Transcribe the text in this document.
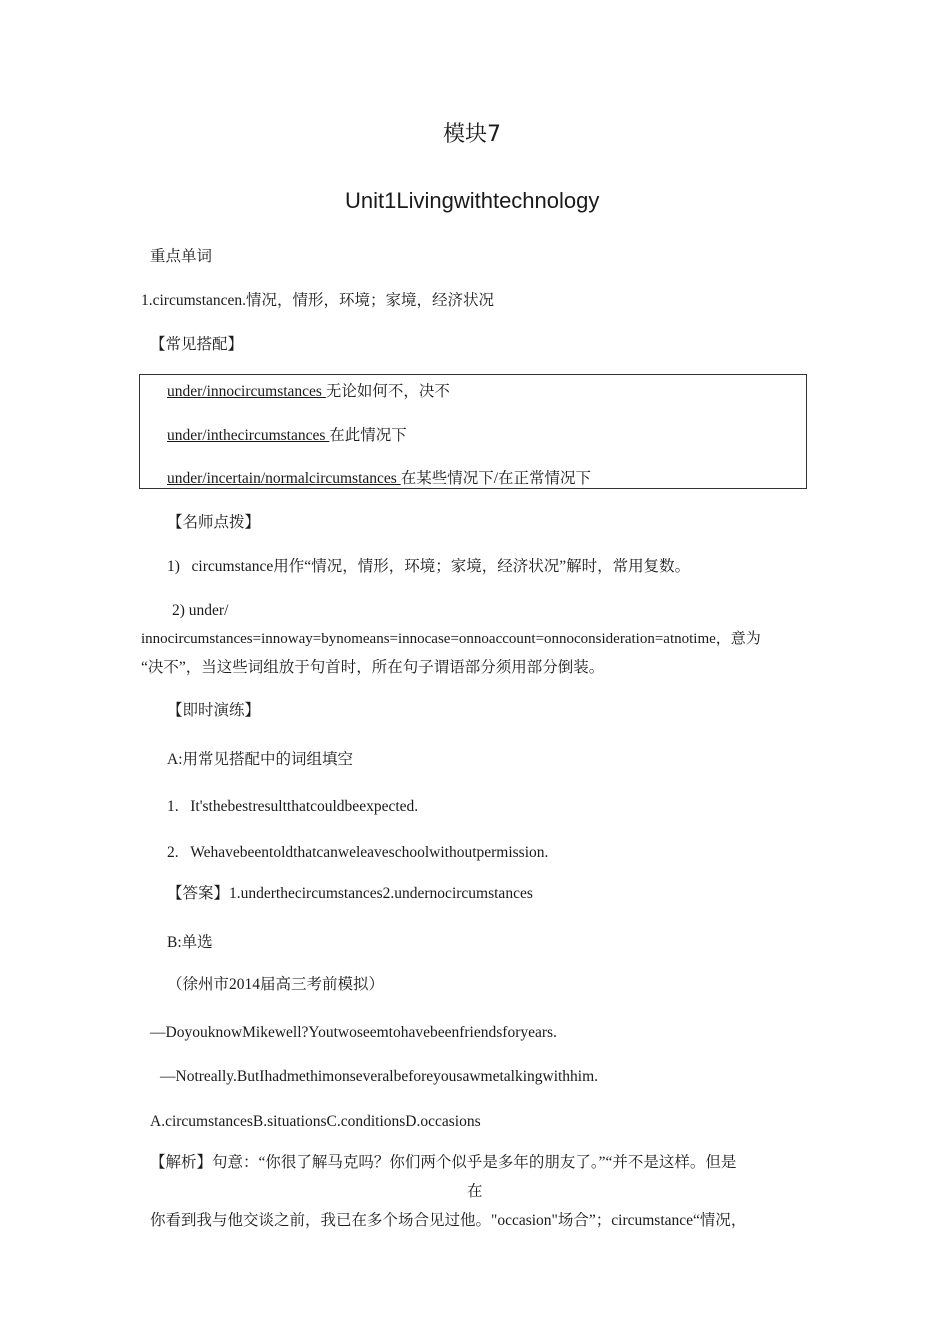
模块7
Unit1Livingwithtechnology
重点单词
1.circumstancen.情况，情形，环境；家境，经济状况
【常见搭配】
under/innocircumstances 无论如何不，决不
under/inthecircumstances 在此情况下
under/incertain/normalcircumstances 在某些情况下/在正常情况下
【名师点拨】
1) circumstance用作“情况，情形，环境；家境，经济状况”解时，常用复数。
2) under/
innocircumstances=innoway=bynomeans=innocase=onnoaccount=onnoconsideration=atnotime，意为
“决不”，当这些词组放于句首时，所在句子谓语部分须用部分倒装。
【即时演练】
A:用常见搭配中的词组填空
1. It'sthebestresultthatcouldbeexpected.
2. Wehavebeentoldthatcanweleaveschoolwithoutpermission.
【答案】1.underthecircumstances2.undernocircumstances
B:单选
（徐州市2014届高三考前模拟）
—DoyouknowMikewell?Youtwoseemtohavebeenfriendsforyears.
—Notreally.ButIhadmethimonseveralbeforeyousawmetalkingwithhim.
A.circumstancesB.situationsC.conditionsD.occasions
【解析】句意：“你很了解马克吗？你们两个似乎是多年的朋友了。”“并不是这样。但是
在
你看到我与他交谈之前，我已在多个场合见过他。"occasion"场合”；circumstance“情况，
